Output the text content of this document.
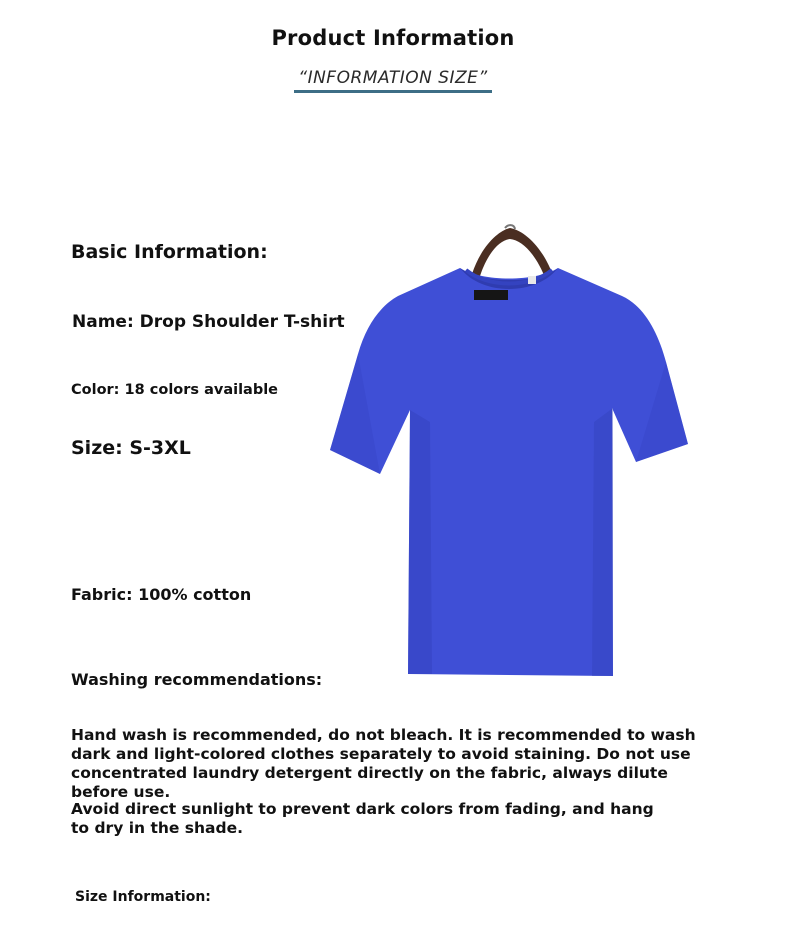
Product Information
“INFORMATION SIZE”
Basic Information:
Name: Drop Shoulder T-shirt
Color: 18 colors available
Size: S-3XL
Fabric: 100% cotton
Washing recommendations:
Hand wash is recommended, do not bleach. It is recommended to wash dark and light-colored clothes separately to avoid staining. Do not use concentrated laundry detergent directly on the fabric, always dilute before use.
Avoid direct sunlight to prevent dark colors from fading, and hang to dry in the shade.
Size Information:
